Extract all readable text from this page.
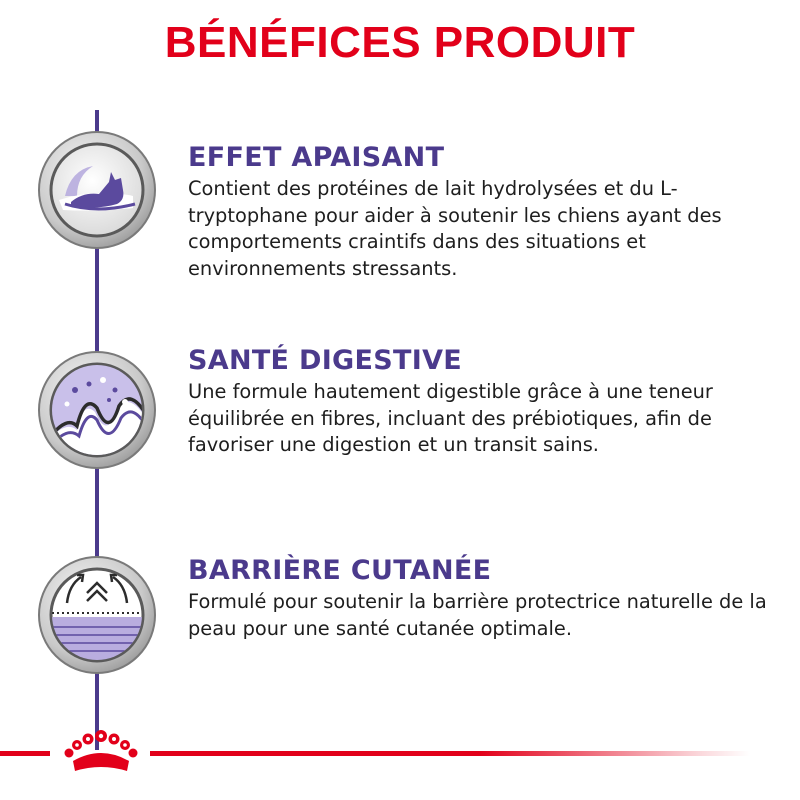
BÉNÉFICES PRODUIT
EFFET APAISANT

Contient des protéines de lait hydrolysées et du L-tryptophane pour aider à soutenir les chiens ayant des comportements craintifs dans des situations et environnements stressants.

SANTÉ DIGESTIVE

Une formule hautement digestible grâce à une teneur équilibrée en fibres, incluant des prébiotiques, afin de favoriser une digestion et un transit sains.

BARRIÈRE CUTANÉE

Formulé pour soutenir la barrière protectrice naturelle de la peau pour une santé cutanée optimale.
